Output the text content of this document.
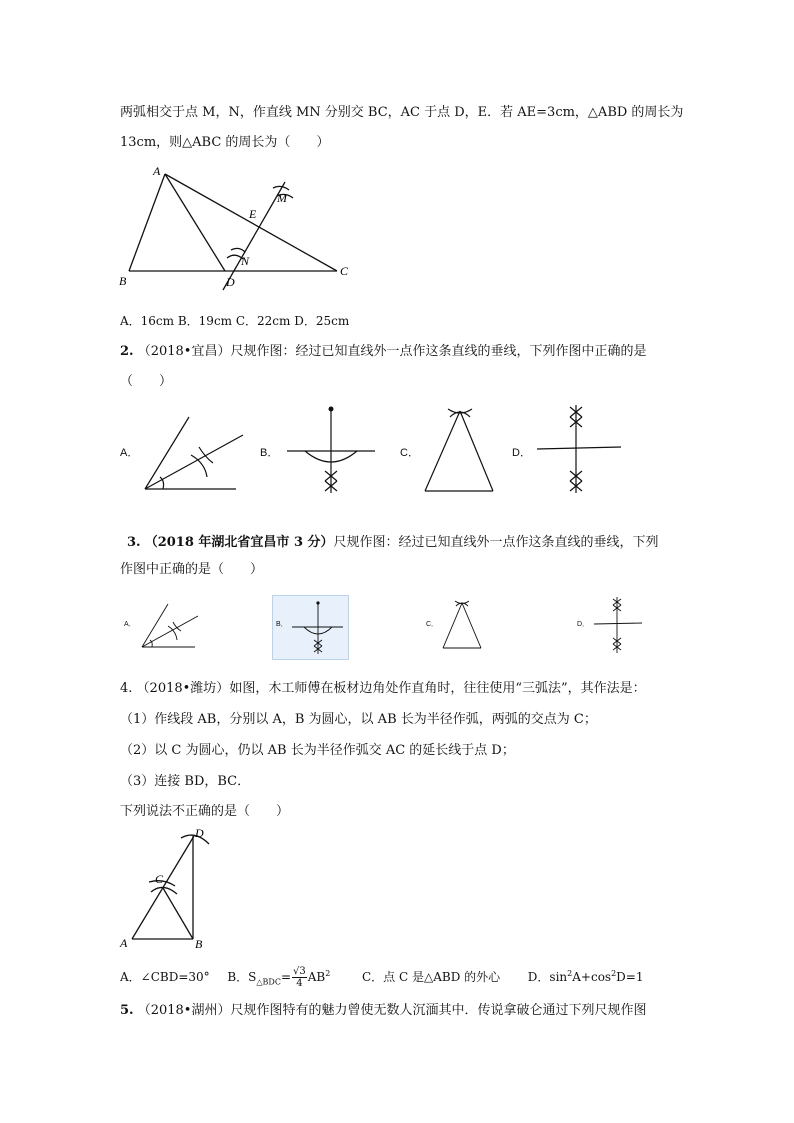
两弧相交于点 M，N，作直线 MN 分别交 BC，AC 于点 D，E．若 AE=3cm，△ABD 的周长为
13cm，则△ABC 的周长为（　　）
A
B
C
D
E
M
N
A．16cm B．19cm C．22cm D．25cm
2. （2018•宜昌）尺规作图：经过已知直线外一点作这条直线的垂线，下列作图中正确的是
（　　）
A．	B．	C．	D．
3. （2018 年湖北省宜昌市 3 分）尺规作图：经过已知直线外一点作这条直线的垂线，下列
作图中正确的是（　　）
A．	B．	C．	D．
4. （2018•潍坊）如图，木工师傅在板材边角处作直角时，往往使用“三弧法”，其作法是：
（1）作线段 AB，分别以 A，B 为圆心，以 AB 长为半径作弧，两弧的交点为 C；
（2）以 C 为圆心，仍以 AB 长为半径作弧交 AC 的延长线于点 D；
（3）连接 BD，BC．
下列说法不正确的是（　　）
A	B
C
D
A．∠CBD=30° B．$S_{\triangle BDC}= \frac{√3}{4} AB^2$	C．点 C 是△ABD 的外心 D．$\sin^2A+\cos^2D=1$
5. （2018•湖州）尺规作图特有的魅力曾使无数人沉湎其中．传说拿破仑通过下列尺规作图
